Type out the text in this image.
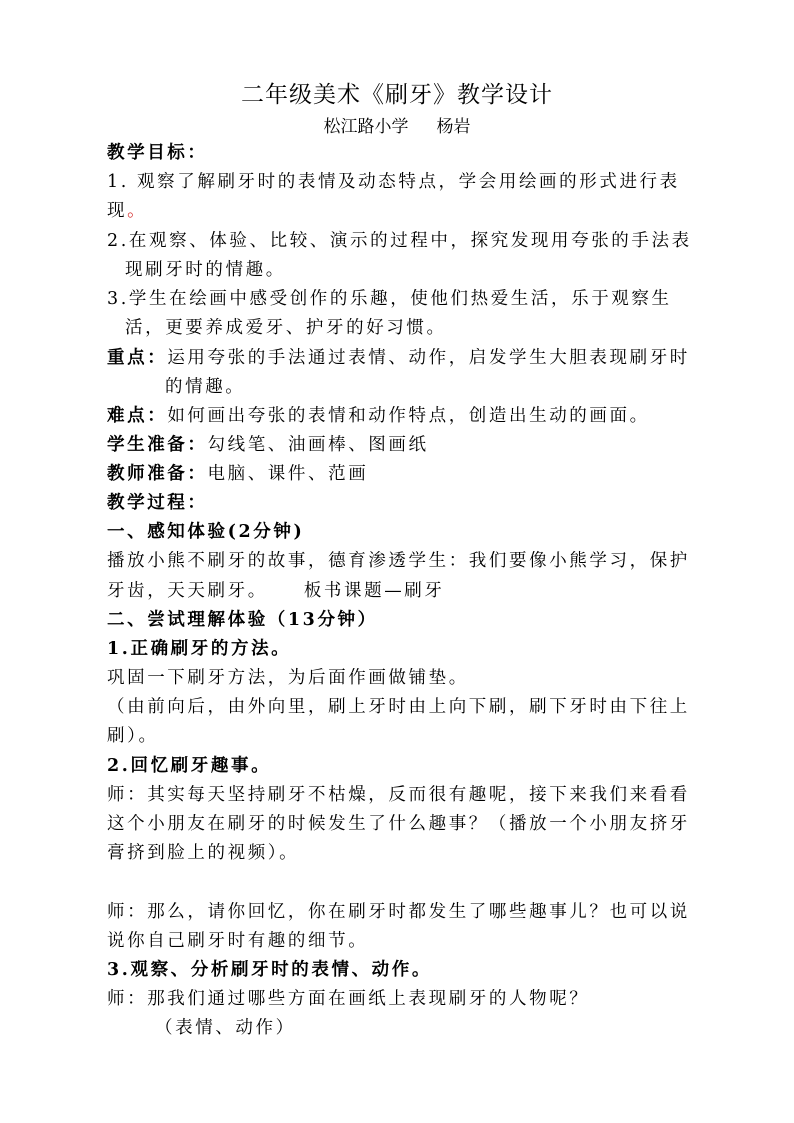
二年级美术《刷牙》教学设计
松江路小学 杨岩
教学目标：
1. 观察了解刷牙时的表情及动态特点，学会用绘画的形式进行表
现。
2.在观察、体验、比较、演示的过程中，探究发现用夸张的手法表
现刷牙时的情趣。
3.学生在绘画中感受创作的乐趣，使他们热爱生活，乐于观察生
活，更要养成爱牙、护牙的好习惯。
重点：运用夸张的手法通过表情、动作，启发学生大胆表现刷牙时
的情趣。
难点：如何画出夸张的表情和动作特点，创造出生动的画面。
学生准备：勾线笔、油画棒、图画纸
教师准备：电脑、课件、范画
教学过程：
一、感知体验(2分钟)
播放小熊不刷牙的故事，德育渗透学生：我们要像小熊学习，保护
牙齿，天天刷牙。 板书课题—刷牙
二、尝试理解体验（13分钟）
1.正确刷牙的方法。
巩固一下刷牙方法，为后面作画做铺垫。
（由前向后，由外向里，刷上牙时由上向下刷，刷下牙时由下往上
刷）。
2.回忆刷牙趣事。
师：其实每天坚持刷牙不枯燥，反而很有趣呢，接下来我们来看看
这个小朋友在刷牙的时候发生了什么趣事？（播放一个小朋友挤牙
膏挤到脸上的视频）。
师：那么，请你回忆，你在刷牙时都发生了哪些趣事儿？也可以说
说你自己刷牙时有趣的细节。
3.观察、分析刷牙时的表情、动作。
师：那我们通过哪些方面在画纸上表现刷牙的人物呢？
（表情、动作）
